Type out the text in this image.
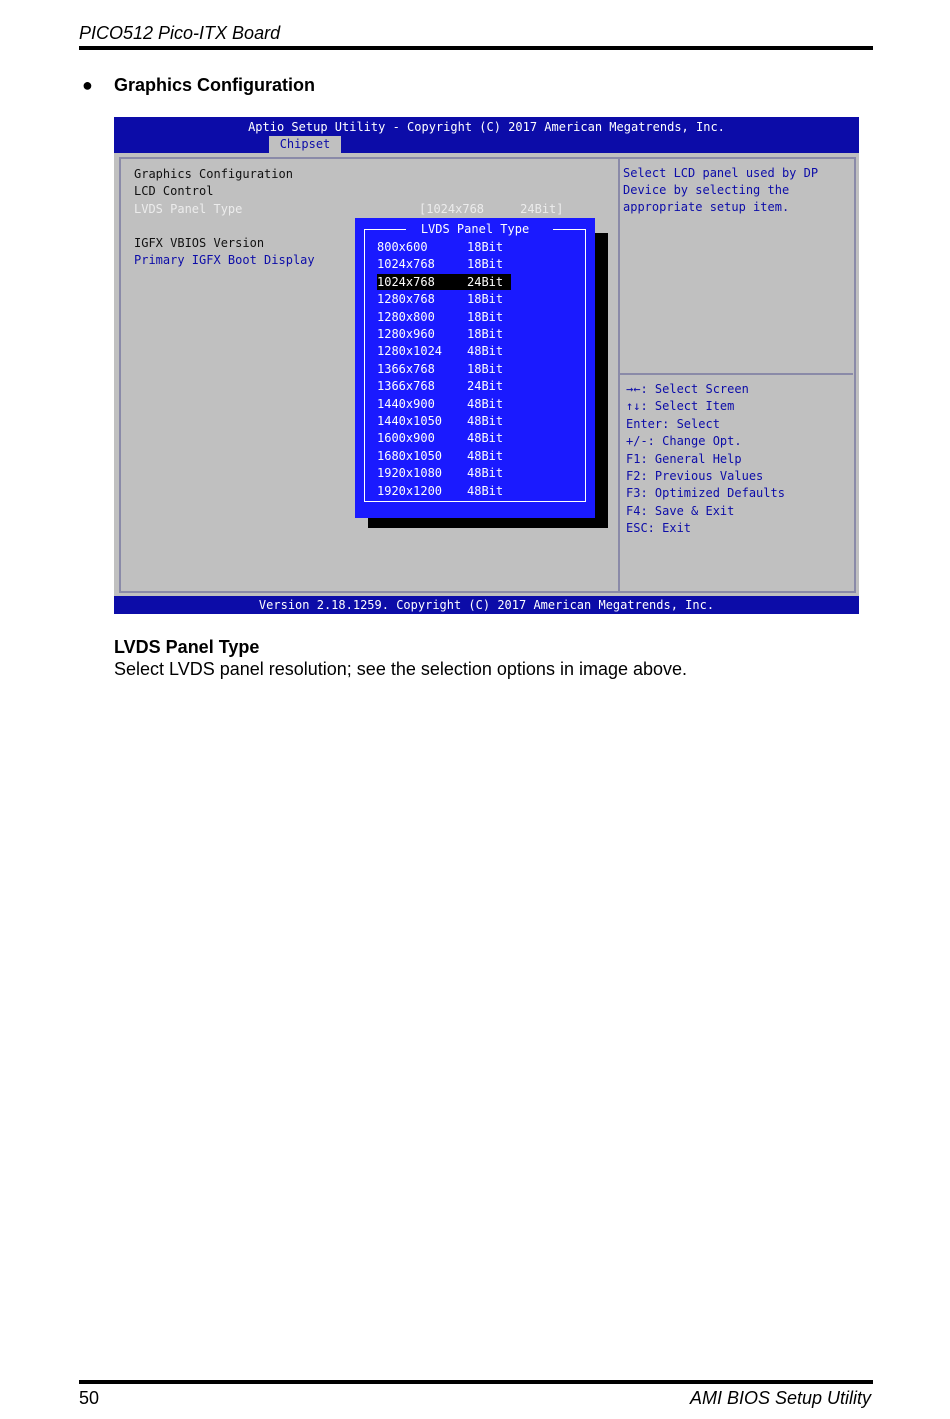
PICO512 Pico-ITX Board
● Graphics Configuration
Aptio Setup Utility - Copyright (C) 2017 American Megatrends, Inc.
Chipset
Graphics Configuration
LCD Control
LVDS Panel Type	[1024x768     24Bit]
IGFX VBIOS Version
Primary IGFX Boot Display
Select LCD panel used by DP
Device by selecting the
appropriate setup item.
→←: Select Screen
↑↓: Select Item
Enter: Select
+/-: Change Opt.
F1: General Help
F2: Previous Values
F3: Optimized Defaults
F4: Save & Exit
ESC: Exit
LVDS Panel Type
800x600	18Bit
1024x768	18Bit
1024x768	24Bit
1280x768	18Bit
1280x800	18Bit
1280x960	18Bit
1280x1024 48Bit
1366x768	18Bit
1366x768	24Bit
1440x900	48Bit
1440x1050 48Bit
1600x900	48Bit
1680x1050 48Bit
1920x1080 48Bit
1920x1200 48Bit
Version 2.18.1259. Copyright (C) 2017 American Megatrends, Inc.
LVDS Panel Type
Select LVDS panel resolution; see the selection options in image above.
50	AMI BIOS Setup Utility
